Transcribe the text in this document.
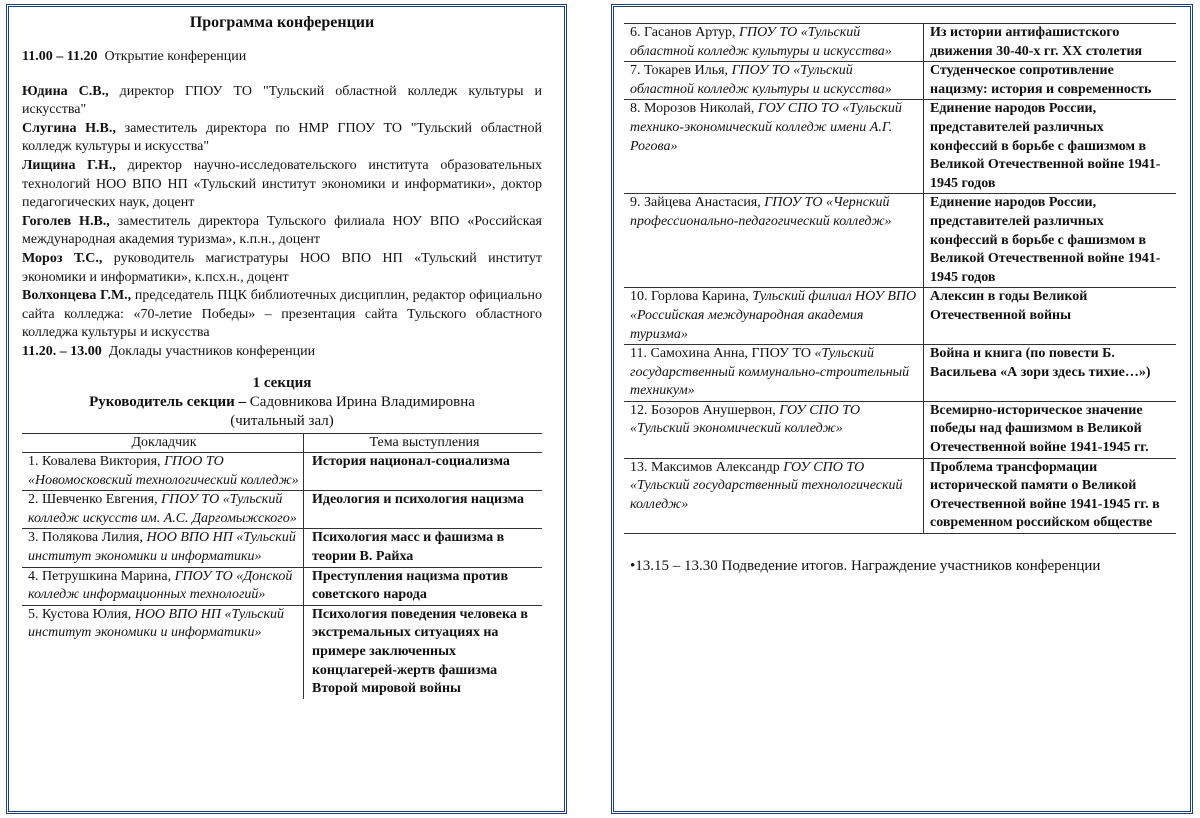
Программа конференции
11.00 – 11.20 Открытие конференции
Юдина С.В., директор ГПОУ ТО "Тульский областной колледж культуры и искусства"
Слугина Н.В., заместитель директора по НМР ГПОУ ТО "Тульский областной колледж культуры и искусства"
Лищина Г.Н., директор научно-исследовательского института образовательных технологий НОО ВПО НП «Тульский институт экономики и информатики», доктор педагогических наук, доцент
Гоголев Н.В., заместитель директора Тульского филиала НОУ ВПО «Российская международная академия туризма», к.п.н., доцент
Мороз Т.С., руководитель магистратуры НОО ВПО НП «Тульский институт экономики и информатики», к.псх.н., доцент
Волхонцева Г.М., председатель ПЦК библиотечных дисциплин, редактор официально сайта колледжа: «70-летие Победы» – презентация сайта Тульского областного колледжа культуры и искусства
11.20. – 13.00 Доклады участников конференции
1 секция
Руководитель секции – Садовникова Ирина Владимировна
(читальный зал)
Докладчик	Тема выступления
1. Ковалева Виктория, ГПОО ТО «Новомосковский технологический колледж»	История национал-социализма
2. Шевченко Евгения, ГПОУ ТО «Тульский колледж искусств им. А.С. Даргомыжского»	Идеология и психология нацизма
3. Полякова Лилия, НОО ВПО НП «Тульский институт экономики и информатики»	Психология масс и фашизма в теории В. Райха
4. Петрушкина Марина, ГПОУ ТО «Донской колледж информационных технологий»	Преступления нацизма против советского народа
5. Кустова Юлия, НОО ВПО НП «Тульский институт экономики и информатики»	Психология поведения человека в экстремальных ситуациях на примере заключенных концлагерей-жертв фашизма Второй мировой войны
6. Гасанов Артур, ГПОУ ТО «Тульский областной колледж культуры и искусства»	Из истории антифашистского движения 30-40-х гг. ХХ столетия
7. Токарев Илья, ГПОУ ТО «Тульский областной колледж культуры и искусства»	Студенческое сопротивление нацизму: история и современность
8. Морозов Николай, ГОУ СПО ТО «Тульский технико-экономический колледж имени А.Г. Рогова»	Единение народов России, представителей различных конфессий в борьбе с фашизмом в Великой Отечественной войне 1941-1945 годов
9. Зайцева Анастасия, ГПОУ ТО «Чернский профессионально-педагогический колледж»	Единение народов России, представителей различных конфессий в борьбе с фашизмом в Великой Отечественной войне 1941-1945 годов
10. Горлова Карина, Тульский филиал НОУ ВПО «Российская международная академия туризма»	Алексин в годы Великой Отечественной войны
11. Самохина Анна, ГПОУ ТО «Тульский государственный коммунально-строительный техникум»	Война и книга (по повести Б. Васильева «А зори здесь тихие…»)
12. Бозоров Анушервон, ГОУ СПО ТО «Тульский экономический колледж»	Всемирно-историческое значение победы над фашизмом в Великой Отечественной войне 1941-1945 гг.
13. Максимов Александр ГОУ СПО ТО «Тульский государственный технологический колледж»	Проблема трансформации исторической памяти о Великой Отечественной войне 1941-1945 гг. в современном российском обществе
•13.15 – 13.30 Подведение итогов. Награждение участников конференции
